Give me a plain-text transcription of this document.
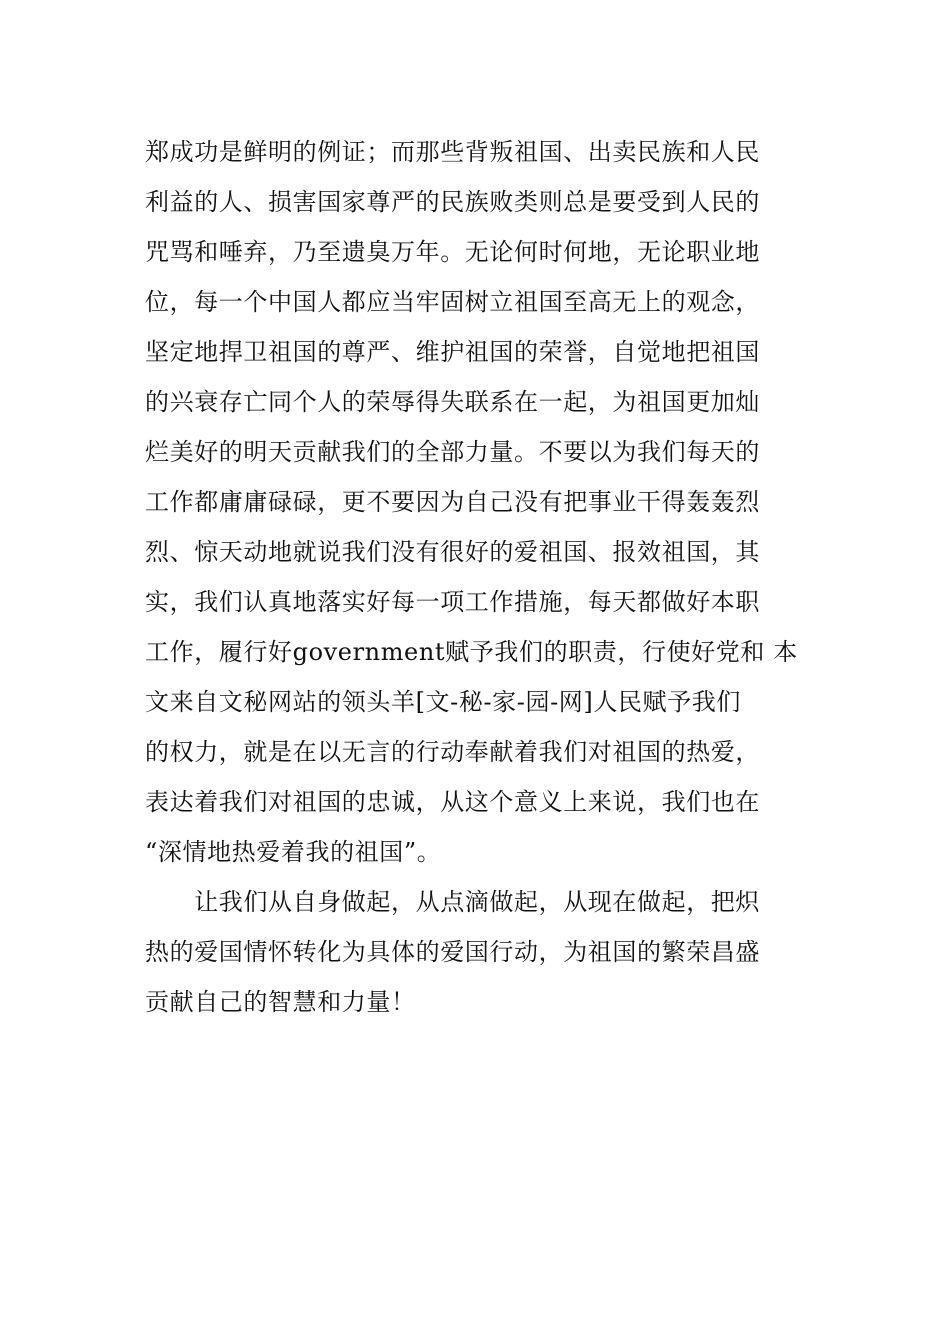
郑成功是鲜明的例证；而那些背叛祖国、出卖民族和人民
利益的人、损害国家尊严的民族败类则总是要受到人民的
咒骂和唾弃，乃至遗臭万年。无论何时何地，无论职业地
位，每一个中国人都应当牢固树立祖国至高无上的观念，
坚定地捍卫祖国的尊严、维护祖国的荣誉，自觉地把祖国
的兴衰存亡同个人的荣辱得失联系在一起，为祖国更加灿
烂美好的明天贡献我们的全部力量。不要以为我们每天的
工作都庸庸碌碌，更不要因为自己没有把事业干得轰轰烈
烈、惊天动地就说我们没有很好的爱祖国、报效祖国，其
实，我们认真地落实好每一项工作措施，每天都做好本职
工作，履行好government赋予我们的职责，行使好党和 本
文来自文秘网站的领头羊[文-秘-家-园-网]人民赋予我们
的权力，就是在以无言的行动奉献着我们对祖国的热爱，
表达着我们对祖国的忠诚，从这个意义上来说，我们也在
“深情地热爱着我的祖国”。
　　让我们从自身做起，从点滴做起，从现在做起，把炽
热的爱国情怀转化为具体的爱国行动，为祖国的繁荣昌盛
贡献自己的智慧和力量！
